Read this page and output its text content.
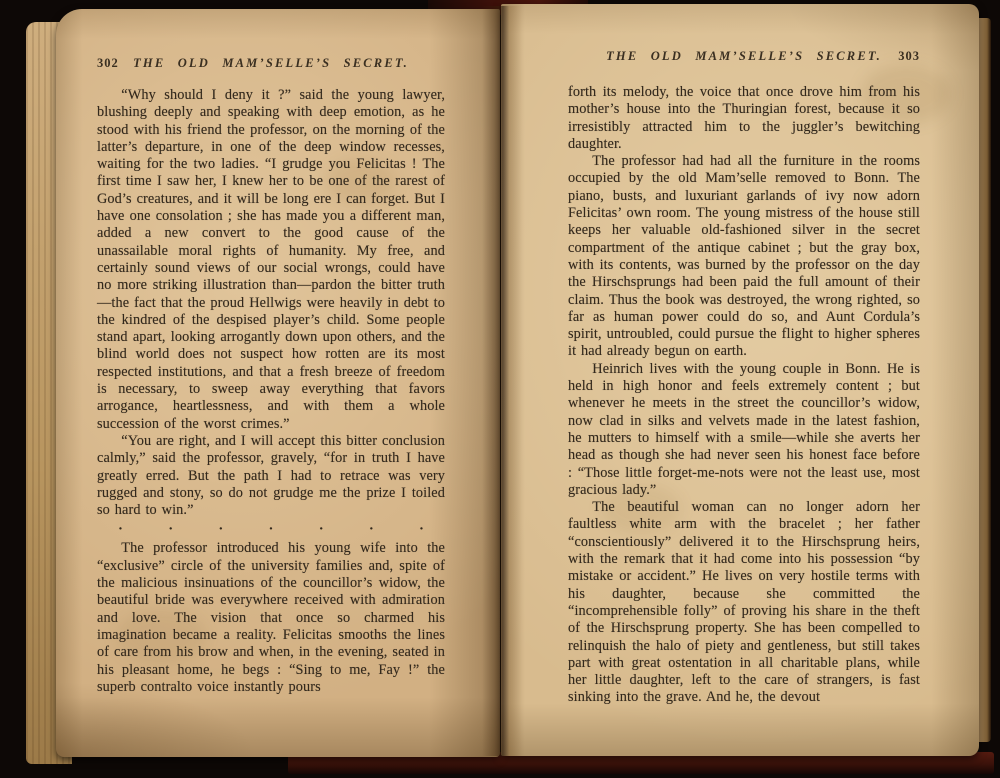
302	THE OLD MAM’SELLE’S SECRET.

“Why should I deny it ?” said the young lawyer, blushing deeply and speaking with deep emotion, as he stood with his friend the professor, on the morning of the latter’s departure, in one of the deep window recesses, waiting for the two ladies. “I grudge you Felicitas ! The first time I saw her, I knew her to be one of the rarest of God’s creatures, and it will be long ere I can forget. But I have one consolation ; she has made you a different man, added a new convert to the good cause of the unassailable moral rights of humanity. My free, and certainly sound views of our social wrongs, could have no more striking illustration than—pardon the bitter truth—the fact that the proud Hellwigs were heavily in debt to the kindred of the despised player’s child. Some people stand apart, looking arrogantly down upon others, and the blind world does not suspect how rotten are its most respected institutions, and that a fresh breeze of freedom is necessary, to sweep away everything that favors arrogance, heartlessness, and with them a whole succession of the worst crimes.”

“You are right, and I will accept this bitter conclusion calmly,” said the professor, gravely, “for in truth I have greatly erred. But the path I had to retrace was very rugged and stony, so do not grudge me the prize I toiled so hard to win.”

· · · · · · ·

The professor introduced his young wife into the “exclusive” circle of the university families and, spite of the malicious insinuations of the councillor’s widow, the beautiful bride was everywhere received with admiration and love. The vision that once so charmed his imagination became a reality. Felicitas smooths the lines of care from his brow and when, in the evening, seated in his pleasant home, he begs : “Sing to me, Fay !” the superb contralto voice instantly pours

THE OLD MAM’SELLE’S SECRET.	303

forth its melody, the voice that once drove him from his mother’s house into the Thuringian forest, because it so irresistibly attracted him to the juggler’s bewitching daughter.

The professor had had all the furniture in the rooms occupied by the old Mam’selle removed to Bonn. The piano, busts, and luxuriant garlands of ivy now adorn Felicitas’ own room. The young mistress of the house still keeps her valuable old-fashioned silver in the secret compartment of the antique cabinet ; but the gray box, with its contents, was burned by the professor on the day the Hirschsprungs had been paid the full amount of their claim. Thus the book was destroyed, the wrong righted, so far as human power could do so, and Aunt Cordula’s spirit, untroubled, could pursue the flight to higher spheres it had already begun on earth.

Heinrich lives with the young couple in Bonn. He is held in high honor and feels extremely content ; but whenever he meets in the street the councillor’s widow, now clad in silks and velvets made in the latest fashion, he mutters to himself with a smile—while she averts her head as though she had never seen his honest face before : “Those little forget-me-nots were not the least use, most gracious lady.”

The beautiful woman can no longer adorn her faultless white arm with the bracelet ; her father “conscientiously” delivered it to the Hirschsprung heirs, with the remark that it had come into his possession “by mistake or accident.” He lives on very hostile terms with his daughter, because she committed the “incomprehensible folly” of proving his share in the theft of the Hirschsprung property. She has been compelled to relinquish the halo of piety and gentleness, but still takes part with great ostentation in all charitable plans, while her little daughter, left to the care of strangers, is fast sinking into the grave. And he, the devout
